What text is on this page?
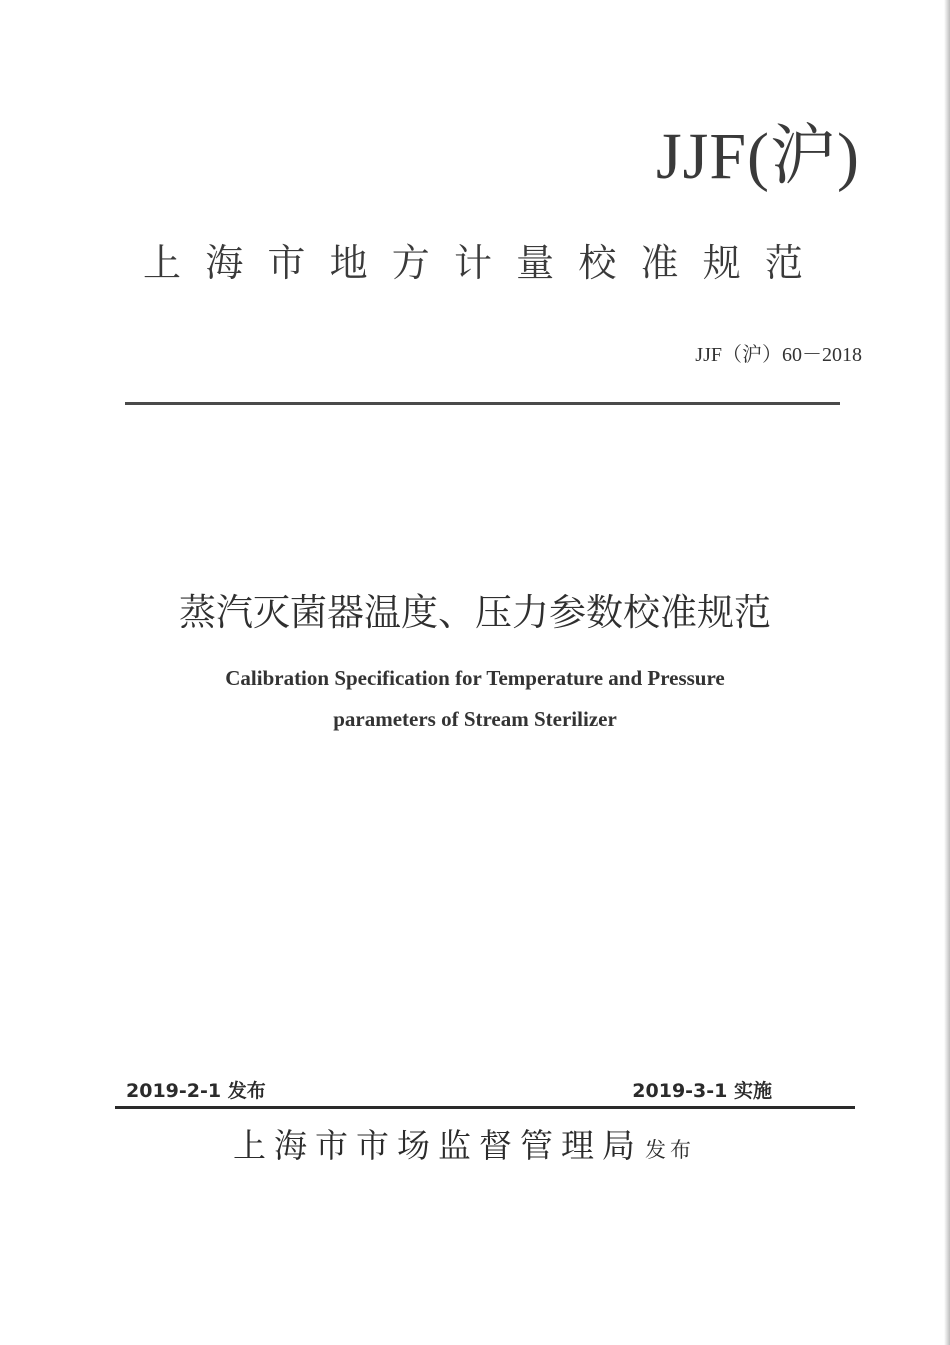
JJF(沪)
上 海 市 地 方 计 量 校 准 规 范
JJF（沪）60－2018
蒸汽灭菌器温度、压力参数校准规范
Calibration Specification for Temperature and Pressure
parameters of Stream Sterilizer
2019-2-1 发布	2019-3-1 实施
上海市市场监督管理局发布
